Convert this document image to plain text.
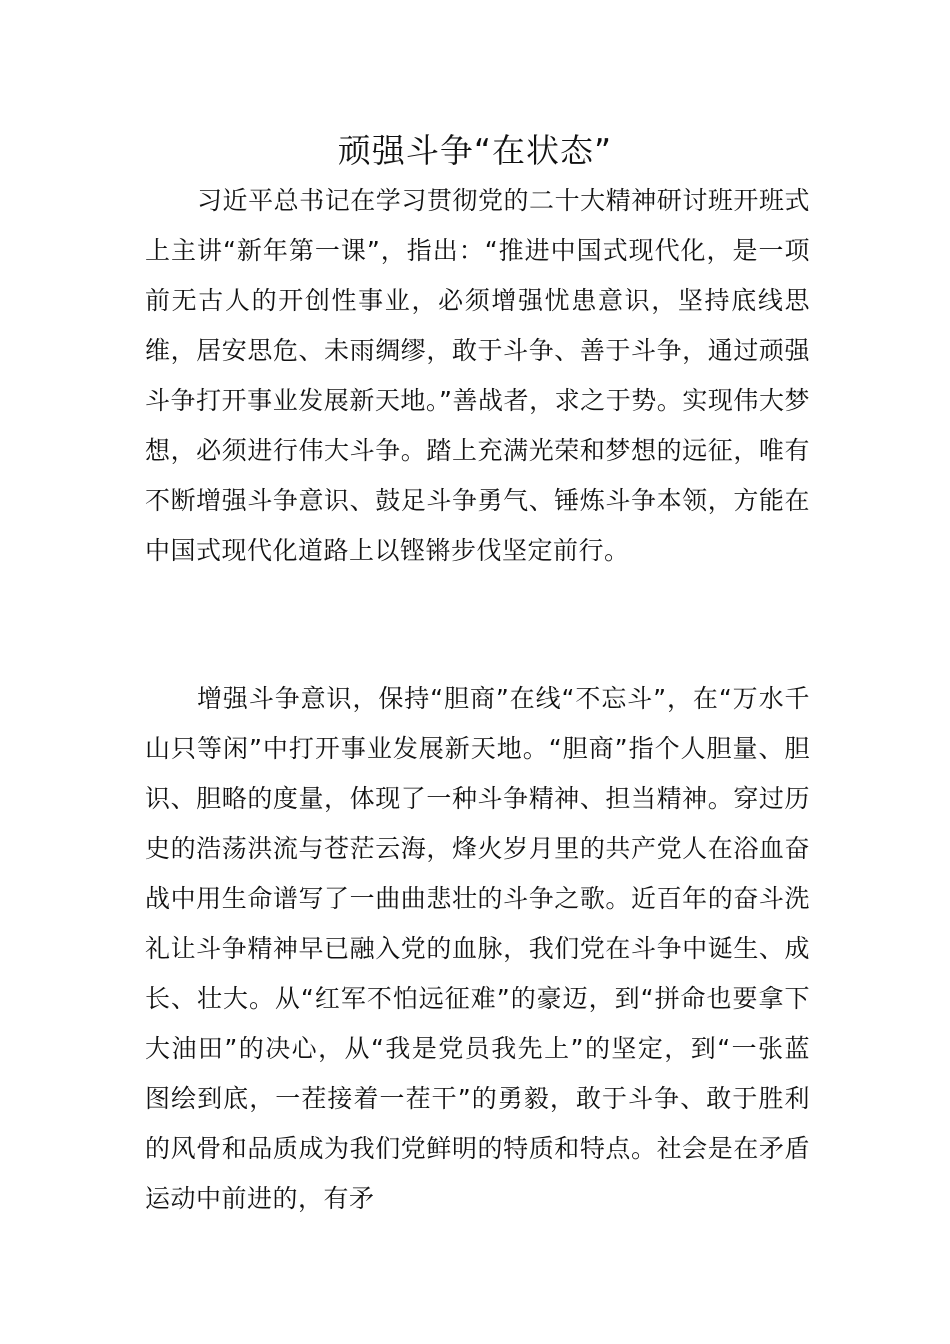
顽强斗争“在状态”

习近平总书记在学习贯彻党的二十大精神研讨班开班式上主讲“新年第一课”，指出：“推进中国式现代化，是一项前无古人的开创性事业，必须增强忧患意识，坚持底线思维，居安思危、未雨绸缪，敢于斗争、善于斗争，通过顽强斗争打开事业发展新天地。”善战者，求之于势。实现伟大梦想，必须进行伟大斗争。踏上充满光荣和梦想的远征，唯有不断增强斗争意识、鼓足斗争勇气、锤炼斗争本领，方能在中国式现代化道路上以铿锵步伐坚定前行。

增强斗争意识，保持“胆商”在线“不忘斗”，在“万水千山只等闲”中打开事业发展新天地。“胆商”指个人胆量、胆识、胆略的度量，体现了一种斗争精神、担当精神。穿过历史的浩荡洪流与苍茫云海，烽火岁月里的共产党人在浴血奋战中用生命谱写了一曲曲悲壮的斗争之歌。近百年的奋斗洗礼让斗争精神早已融入党的血脉，我们党在斗争中诞生、成长、壮大。从“红军不怕远征难”的豪迈，到“拼命也要拿下大油田”的决心，从“我是党员我先上”的坚定，到“一张蓝图绘到底，一茬接着一茬干”的勇毅，敢于斗争、敢于胜利的风骨和品质成为我们党鲜明的特质和特点。社会是在矛盾运动中前进的，有矛
